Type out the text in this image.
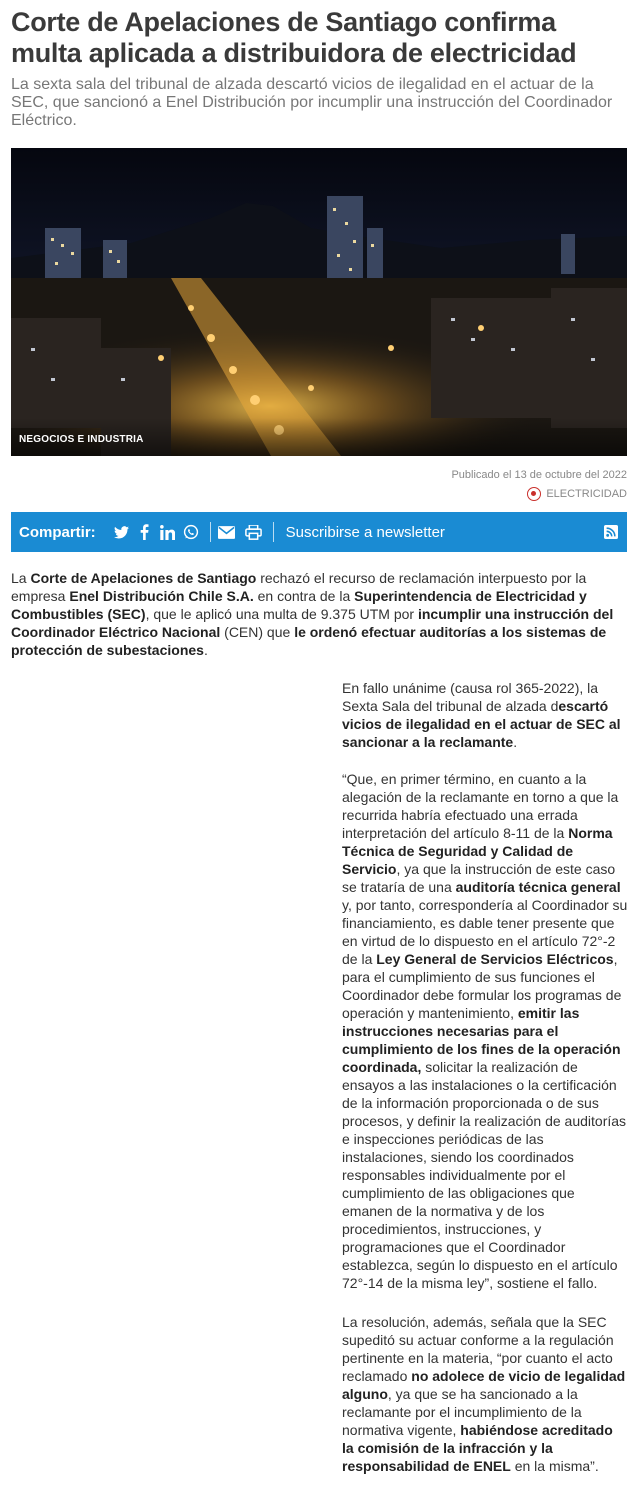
Corte de Apelaciones de Santiago confirma multa aplicada a distribuidora de electricidad

La sexta sala del tribunal de alzada descartó vicios de ilegalidad en el actuar de la SEC, que sancionó a Enel Distribución por incumplir una instrucción del Coordinador Eléctrico.

NEGOCIOS E INDUSTRIA
Publicado el 13 de octubre del 2022
ELECTRICIDAD
Compartir:	Suscribirse a newsletter

La Corte de Apelaciones de Santiago rechazó el recurso de reclamación interpuesto por la empresa Enel Distribución Chile S.A. en contra de la Superintendencia de Electricidad y Combustibles (SEC), que le aplicó una multa de 9.375 UTM por incumplir una instrucción del Coordinador Eléctrico Nacional (CEN) que le ordenó efectuar auditorías a los sistemas de protección de subestaciones.

En fallo unánime (causa rol 365-2022), la Sexta Sala del tribunal de alzada descartó vicios de ilegalidad en el actuar de SEC al sancionar a la reclamante.

“Que, en primer término, en cuanto a la alegación de la reclamante en torno a que la recurrida habría efectuado una errada interpretación del artículo 8-11 de la Norma Técnica de Seguridad y Calidad de Servicio, ya que la instrucción de este caso se trataría de una auditoría técnica general y, por tanto, correspondería al Coordinador su financiamiento, es dable tener presente que en virtud de lo dispuesto en el artículo 72°-2 de la Ley General de Servicios Eléctricos, para el cumplimiento de sus funciones el Coordinador debe formular los programas de operación y mantenimiento, emitir las instrucciones necesarias para el cumplimiento de los fines de la operación coordinada, solicitar la realización de ensayos a las instalaciones o la certificación de la información proporcionada o de sus procesos, y definir la realización de auditorías e inspecciones periódicas de las instalaciones, siendo los coordinados responsables individualmente por el cumplimiento de las obligaciones que emanen de la normativa y de los procedimientos, instrucciones, y programaciones que el Coordinador establezca, según lo dispuesto en el artículo 72°-14 de la misma ley”, sostiene el fallo.

La resolución, además, señala que la SEC supeditó su actuar conforme a la regulación pertinente en la materia, “por cuanto el acto reclamado no adolece de vicio de legalidad alguno, ya que se ha sancionado a la reclamante por el incumplimiento de la normativa vigente, habiéndose acreditado la comisión de la infracción y la responsabilidad de ENEL en la misma”.
